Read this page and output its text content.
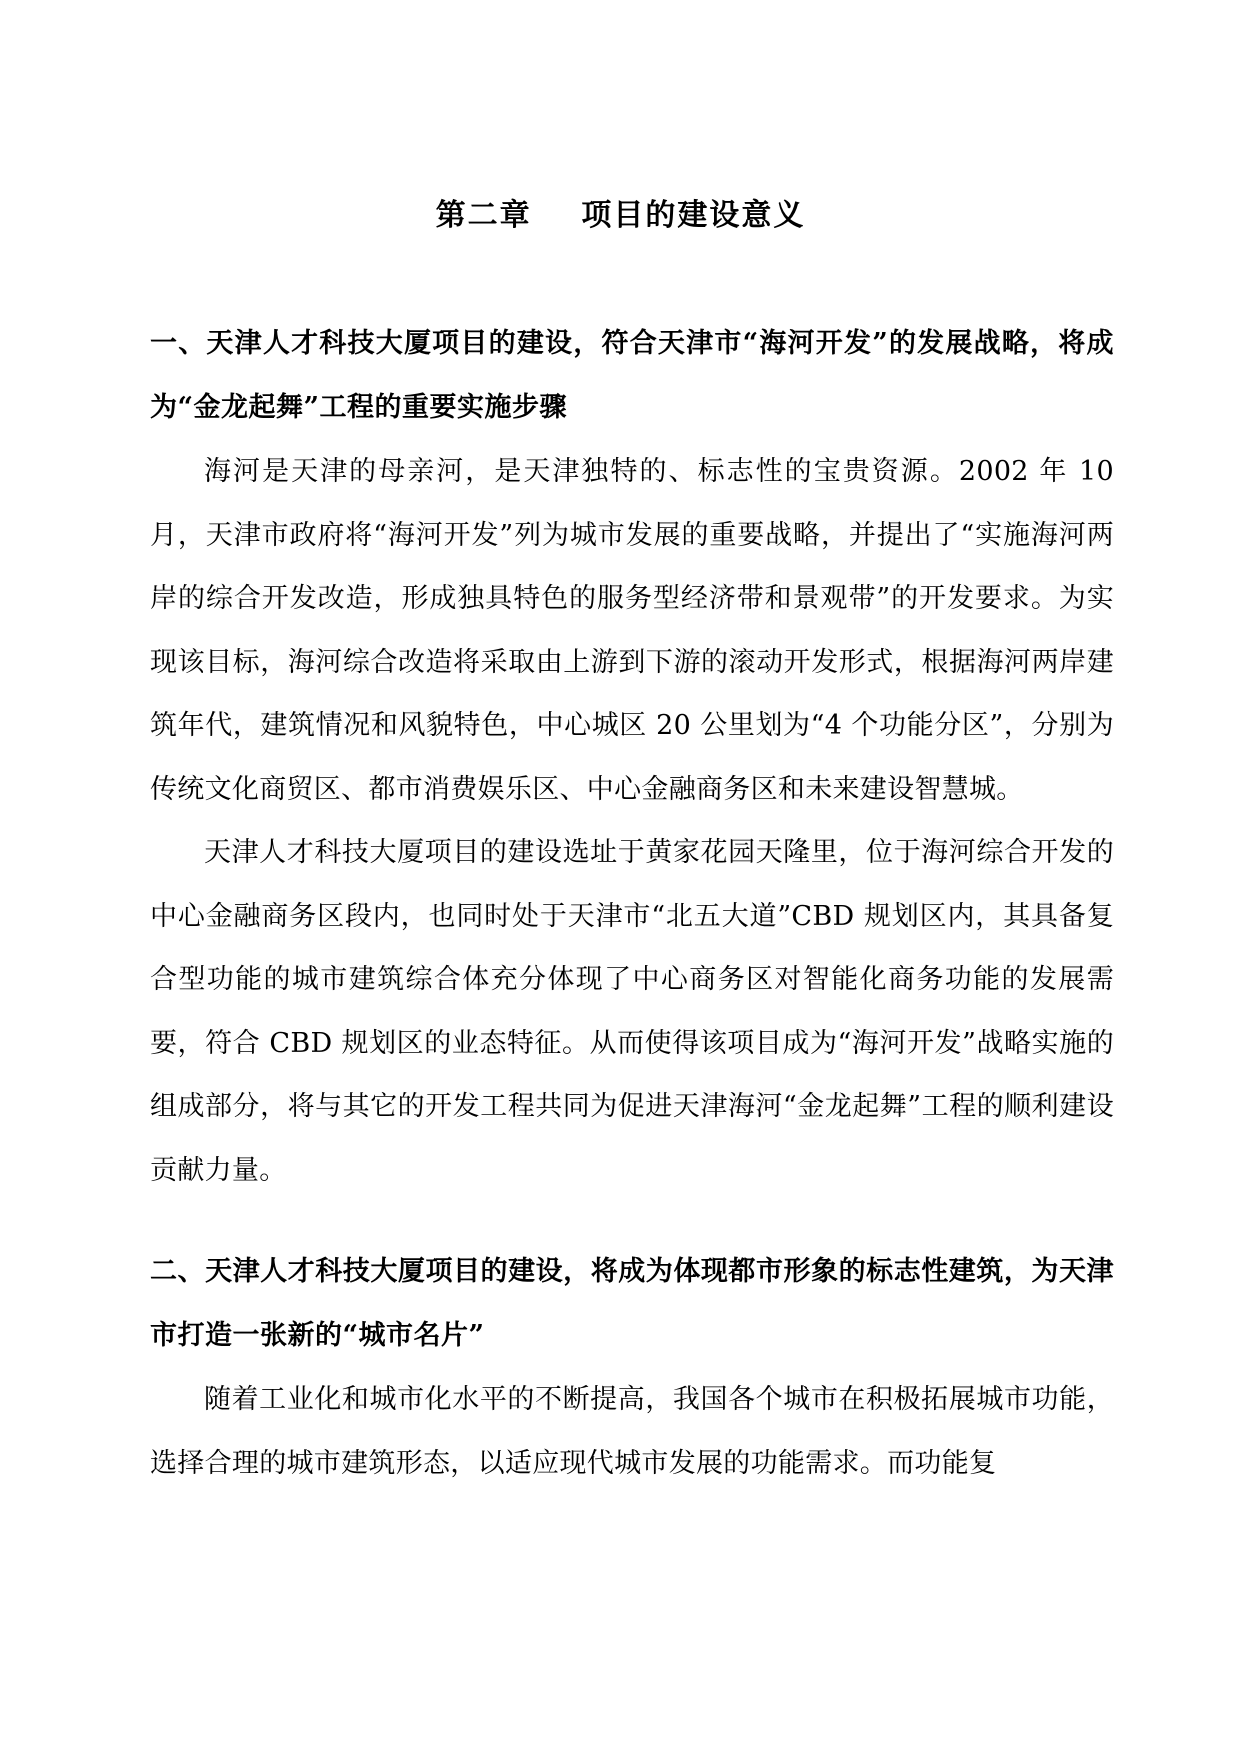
第二章    项目的建设意义

一、天津人才科技大厦项目的建设，符合天津市“海河开发”的发展战略，将成为“金龙起舞”工程的重要实施步骤

海河是天津的母亲河，是天津独特的、标志性的宝贵资源。2002 年 10 月，天津市政府将“海河开发”列为城市发展的重要战略，并提出了“实施海河两岸的综合开发改造，形成独具特色的服务型经济带和景观带”的开发要求。为实现该目标，海河综合改造将采取由上游到下游的滚动开发形式，根据海河两岸建筑年代，建筑情况和风貌特色，中心城区 20 公里划为“4 个功能分区”，分别为传统文化商贸区、都市消费娱乐区、中心金融商务区和未来建设智慧城。

天津人才科技大厦项目的建设选址于黄家花园天隆里，位于海河综合开发的中心金融商务区段内，也同时处于天津市“北五大道”CBD 规划区内，其具备复合型功能的城市建筑综合体充分体现了中心商务区对智能化商务功能的发展需要，符合 CBD 规划区的业态特征。从而使得该项目成为“海河开发”战略实施的组成部分，将与其它的开发工程共同为促进天津海河“金龙起舞”工程的顺利建设贡献力量。

二、天津人才科技大厦项目的建设，将成为体现都市形象的标志性建筑，为天津市打造一张新的“城市名片”

随着工业化和城市化水平的不断提高，我国各个城市在积极拓展城市功能，选择合理的城市建筑形态，以适应现代城市发展的功能需求。而功能复
